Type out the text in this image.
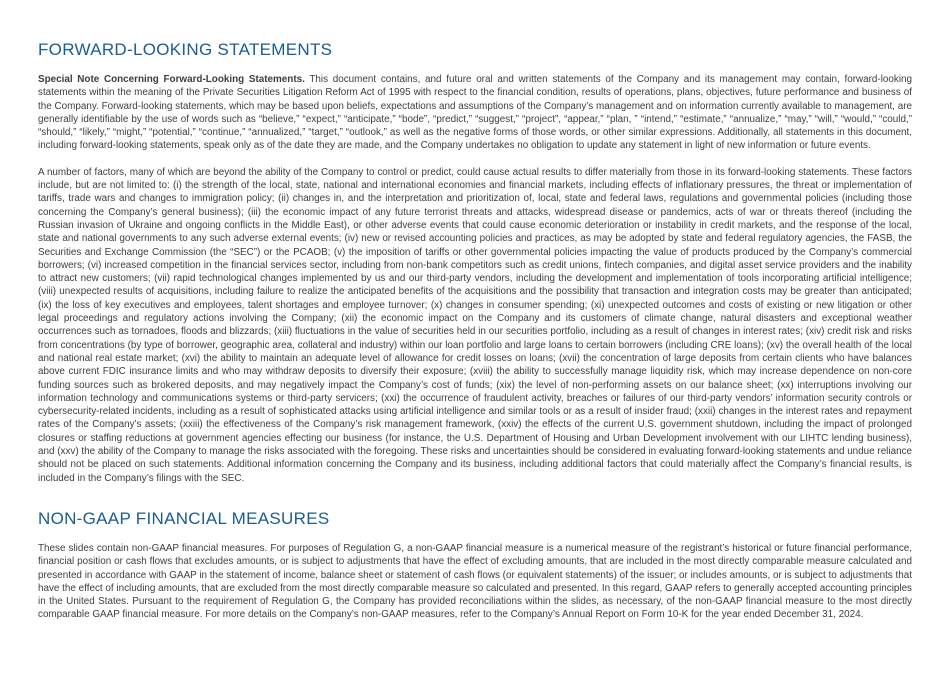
FORWARD-LOOKING STATEMENTS

Special Note Concerning Forward-Looking Statements. This document contains, and future oral and written statements of the Company and its management may contain, forward-looking statements within the meaning of the Private Securities Litigation Reform Act of 1995 with respect to the financial condition, results of operations, plans, objectives, future performance and business of the Company. Forward-looking statements, which may be based upon beliefs, expectations and assumptions of the Company’s management and on information currently available to management, are generally identifiable by the use of words such as “believe,” “expect,” “anticipate,” “bode”, “predict,” “suggest,” “project”, “appear,” “plan, ” “intend,” “estimate,” “annualize,” “may,” “will,” “would,” “could,” “should,” “likely,” “might,” “potential,” “continue,” “annualized,” “target,” “outlook,” as well as the negative forms of those words, or other similar expressions. Additionally, all statements in this document, including forward-looking statements, speak only as of the date they are made, and the Company undertakes no obligation to update any statement in light of new information or future events.

A number of factors, many of which are beyond the ability of the Company to control or predict, could cause actual results to differ materially from those in its forward-looking statements. These factors include, but are not limited to: (i) the strength of the local, state, national and international economies and financial markets, including effects of inflationary pressures, the threat or implementation of tariffs, trade wars and changes to immigration policy; (ii) changes in, and the interpretation and prioritization of, local, state and federal laws, regulations and governmental policies (including those concerning the Company’s general business); (iii) the economic impact of any future terrorist threats and attacks, widespread disease or pandemics, acts of war or threats thereof (including the Russian invasion of Ukraine and ongoing conflicts in the Middle East), or other adverse events that could cause economic deterioration or instability in credit markets, and the response of the local, state and national governments to any such adverse external events; (iv) new or revised accounting policies and practices, as may be adopted by state and federal regulatory agencies, the FASB, the Securities and Exchange Commission (the “SEC”) or the PCAOB; (v) the imposition of tariffs or other governmental policies impacting the value of products produced by the Company’s commercial borrowers; (vi) increased competition in the financial services sector, including from non-bank competitors such as credit unions, fintech companies, and digital asset service providers and the inability to attract new customers; (vii) rapid technological changes implemented by us and our third-party vendors, including the development and implementation of tools incorporating artificial intelligence; (viii) unexpected results of acquisitions, including failure to realize the anticipated benefits of the acquisitions and the possibility that transaction and integration costs may be greater than anticipated; (ix) the loss of key executives and employees, talent shortages and employee turnover; (x) changes in consumer spending; (xi) unexpected outcomes and costs of existing or new litigation or other legal proceedings and regulatory actions involving the Company; (xii) the economic impact on the Company and its customers of climate change, natural disasters and exceptional weather occurrences such as tornadoes, floods and blizzards; (xiii) fluctuations in the value of securities held in our securities portfolio, including as a result of changes in interest rates; (xiv) credit risk and risks from concentrations (by type of borrower, geographic area, collateral and industry) within our loan portfolio and large loans to certain borrowers (including CRE loans); (xv) the overall health of the local and national real estate market; (xvi) the ability to maintain an adequate level of allowance for credit losses on loans; (xvii) the concentration of large deposits from certain clients who have balances above current FDIC insurance limits and who may withdraw deposits to diversify their exposure; (xviii) the ability to successfully manage liquidity risk, which may increase dependence on non-core funding sources such as brokered deposits, and may negatively impact the Company’s cost of funds; (xix) the level of non-performing assets on our balance sheet; (xx) interruptions involving our information technology and communications systems or third-party servicers; (xxi) the occurrence of fraudulent activity, breaches or failures of our third-party vendors’ information security controls or cybersecurity-related incidents, including as a result of sophisticated attacks using artificial intelligence and similar tools or as a result of insider fraud; (xxii) changes in the interest rates and repayment rates of the Company’s assets; (xxiii) the effectiveness of the Company’s risk management framework, (xxiv) the effects of the current U.S. government shutdown, including the impact of prolonged closures or staffing reductions at government agencies effecting our business (for instance, the U.S. Department of Housing and Urban Development involvement with our LIHTC lending business), and (xxv) the ability of the Company to manage the risks associated with the foregoing. These risks and uncertainties should be considered in evaluating forward-looking statements and undue reliance should not be placed on such statements. Additional information concerning the Company and its business, including additional factors that could materially affect the Company’s financial results, is included in the Company’s filings with the SEC.

NON-GAAP FINANCIAL MEASURES

These slides contain non-GAAP financial measures. For purposes of Regulation G, a non-GAAP financial measure is a numerical measure of the registrant’s historical or future financial performance, financial position or cash flows that excludes amounts, or is subject to adjustments that have the effect of excluding amounts, that are included in the most directly comparable measure calculated and presented in accordance with GAAP in the statement of income, balance sheet or statement of cash flows (or equivalent statements) of the issuer; or includes amounts, or is subject to adjustments that have the effect of including amounts, that are excluded from the most directly comparable measure so calculated and presented. In this regard, GAAP refers to generally accepted accounting principles in the United States. Pursuant to the requirement of Regulation G, the Company has provided reconciliations within the slides, as necessary, of the non-GAAP financial measure to the most directly comparable GAAP financial measure. For more details on the Company’s non-GAAP measures, refer to the Company’s Annual Report on Form 10-K for the year ended December 31, 2024.
